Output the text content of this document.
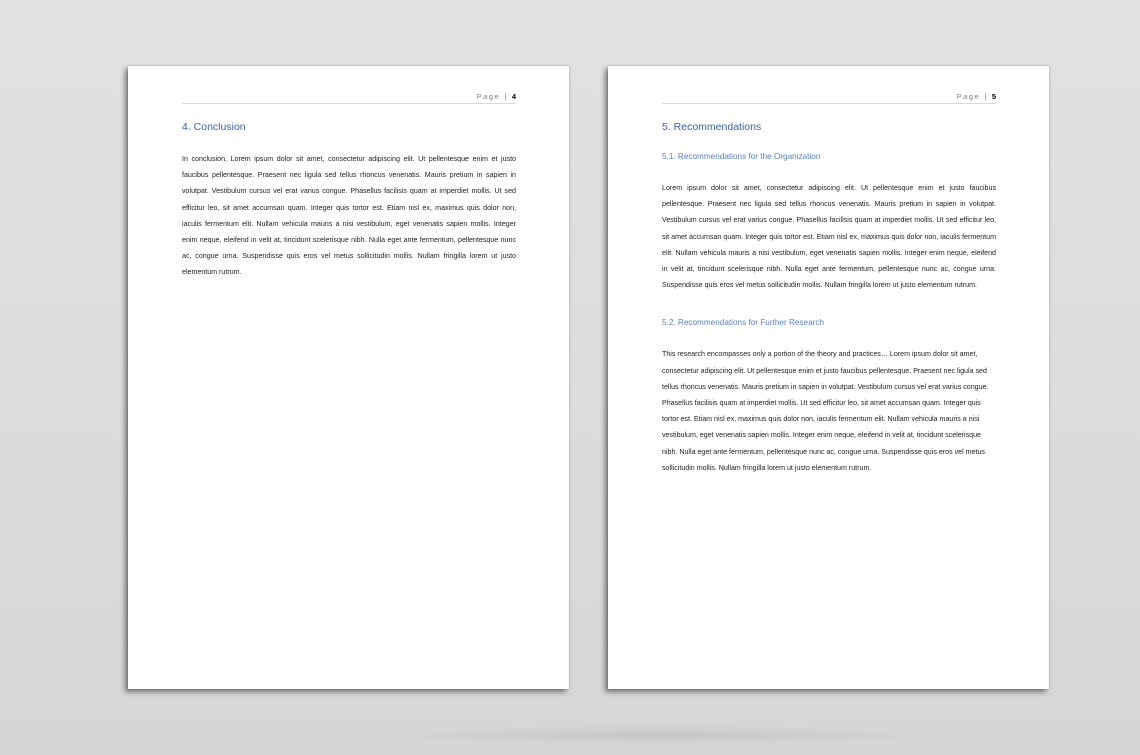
Page | 4
4. Conclusion

In conclusion, Lorem ipsum dolor sit amet, consectetur adipiscing elit. Ut pellentesque enim et justo faucibus pellentesque. Praesent nec ligula sed tellus rhoncus venenatis. Mauris pretium in sapien in volutpat. Vestibulum cursus vel erat varius congue. Phasellus facilisis quam at imperdiet mollis. Ut sed efficitur leo, sit amet accumsan quam. Integer quis tortor est. Etiam nisl ex, maximus quis dolor non, iaculis fermentum elit. Nullam vehicula mauris a nisi vestibulum, eget venenatis sapien mollis. Integer enim neque, eleifend in velit at, tincidunt scelerisque nibh. Nulla eget ante fermentum, pellentesque nunc ac, congue urna. Suspendisse quis eros vel metus sollicitudin mollis. Nullam fringilla lorem ut justo elementum rutrum.

Page | 5
5. Recommendations
5.1. Recommendations for the Organization

Lorem ipsum dolor sit amet, consectetur adipiscing elit. Ut pellentesque enim et justo faucibus pellentesque. Praesent nec ligula sed tellus rhoncus venenatis. Mauris pretium in sapien in volutpat. Vestibulum cursus vel erat varius congue. Phasellus facilisis quam at imperdiet mollis. Ut sed efficitur leo, sit amet accumsan quam. Integer quis tortor est. Etiam nisl ex, maximus quis dolor non, iaculis fermentum elit. Nullam vehicula mauris a nisi vestibulum, eget venenatis sapien mollis. Integer enim neque, eleifend in velit at, tincidunt scelerisque nibh. Nulla eget ante fermentum, pellentesque nunc ac, congue urna. Suspendisse quis eros vel metus sollicitudin mollis. Nullam fringilla lorem ut justo elementum rutrum.

5.2. Recommendations for Further Research

This research encompasses only a portion of the theory and practices… Lorem ipsum dolor sit amet, consectetur adipiscing elit. Ut pellentesque enim et justo faucibus pellentesque. Praesent nec ligula sed tellus rhoncus venenatis. Mauris pretium in sapien in volutpat. Vestibulum cursus vel erat varius congue. Phasellus facilisis quam at imperdiet mollis. Ut sed efficitur leo, sit amet accumsan quam. Integer quis tortor est. Etiam nisl ex, maximus quis dolor non, iaculis fermentum elit. Nullam vehicula mauris a nisi vestibulum, eget venenatis sapien mollis. Integer enim neque, eleifend in velit at, tincidunt scelerisque nibh. Nulla eget ante fermentum, pellentesque nunc ac, congue urna. Suspendisse quis eros vel metus sollicitudin mollis. Nullam fringilla lorem ut justo elementum rutrum.
